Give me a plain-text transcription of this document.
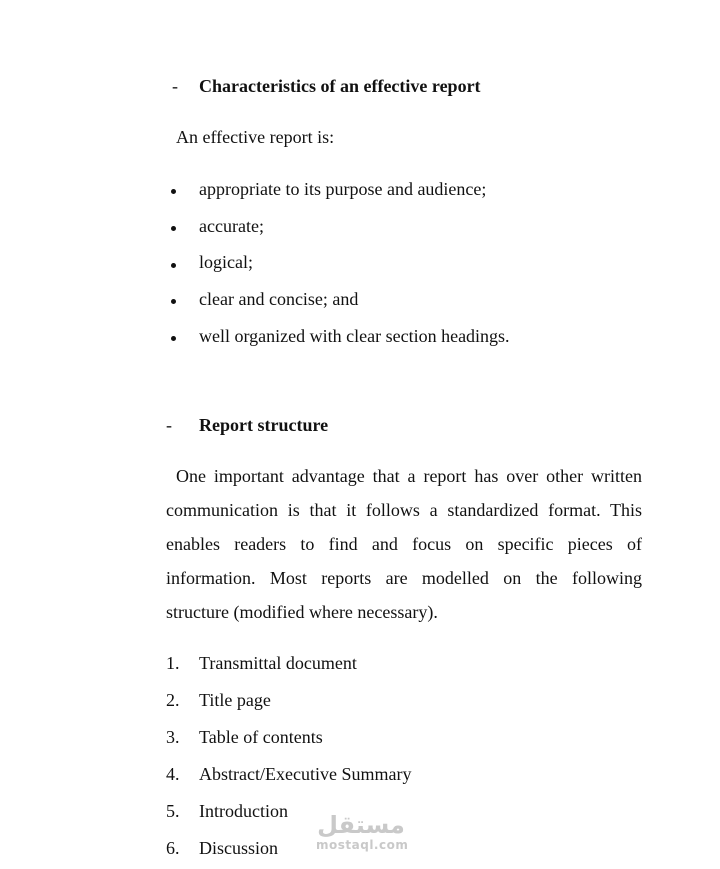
- Characteristics of an effective report
An effective report is:
appropriate to its purpose and audience;
accurate;
logical;
clear and concise; and
well organized with clear section headings.
- Report structure
One important advantage that a report has over other written
communication is that it follows a standardized format. This
enables readers to find and focus on specific pieces of
information. Most reports are modelled on the following
structure (modified where necessary).
1. Transmittal document
2. Title page
3. Table of contents
4. Abstract/Executive Summary
5. Introduction
6. Discussion
مستقل
mostaql.com
